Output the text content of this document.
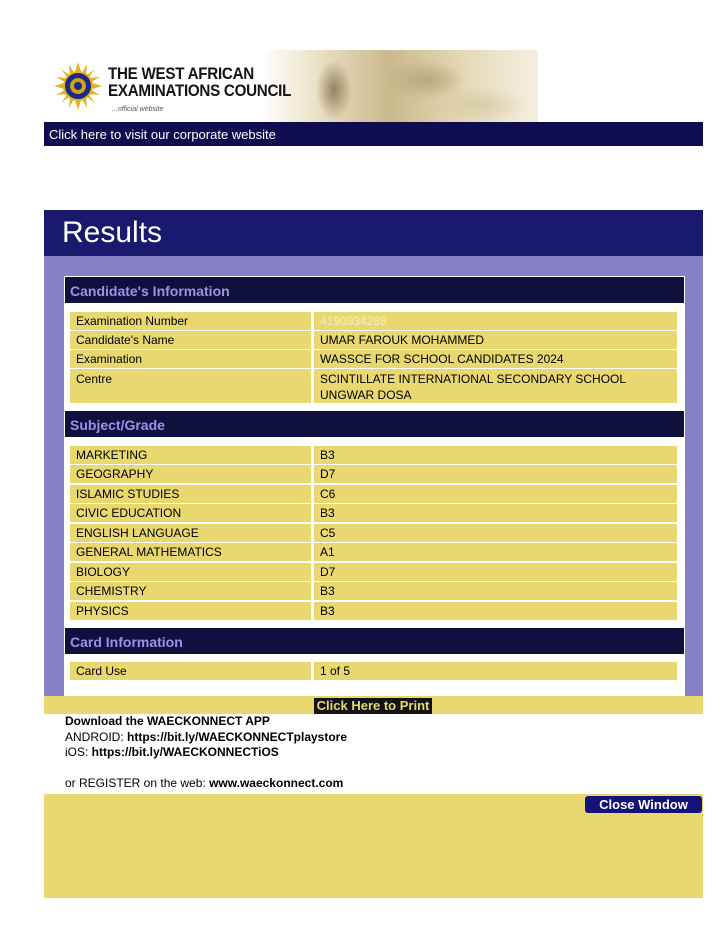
THE WEST AFRICAN
EXAMINATIONS COUNCIL
...official website
Click here to visit our corporate website
Results
Candidate's Information
Examination Number	4190934289
Candidate's Name	UMAR FAROUK MOHAMMED
Examination	WASSCE FOR SCHOOL CANDIDATES 2024
Centre	SCINTILLATE INTERNATIONAL SECONDARY SCHOOL UNGWAR DOSA
Subject/Grade
MARKETING	B3
GEOGRAPHY	D7
ISLAMIC STUDIES	C6
CIVIC EDUCATION	B3
ENGLISH LANGUAGE	C5
GENERAL MATHEMATICS	A1
BIOLOGY	D7
CHEMISTRY	B3
PHYSICS	B3
Card Information
Card Use	1 of 5
Click Here to Print
Download the WAECKONNECT APP
ANDROID: https://bit.ly/WAECKONNECTplaystore
iOS: https://bit.ly/WAECKONNECTiOS
or REGISTER on the web: www.waeckonnect.com
Close Window
